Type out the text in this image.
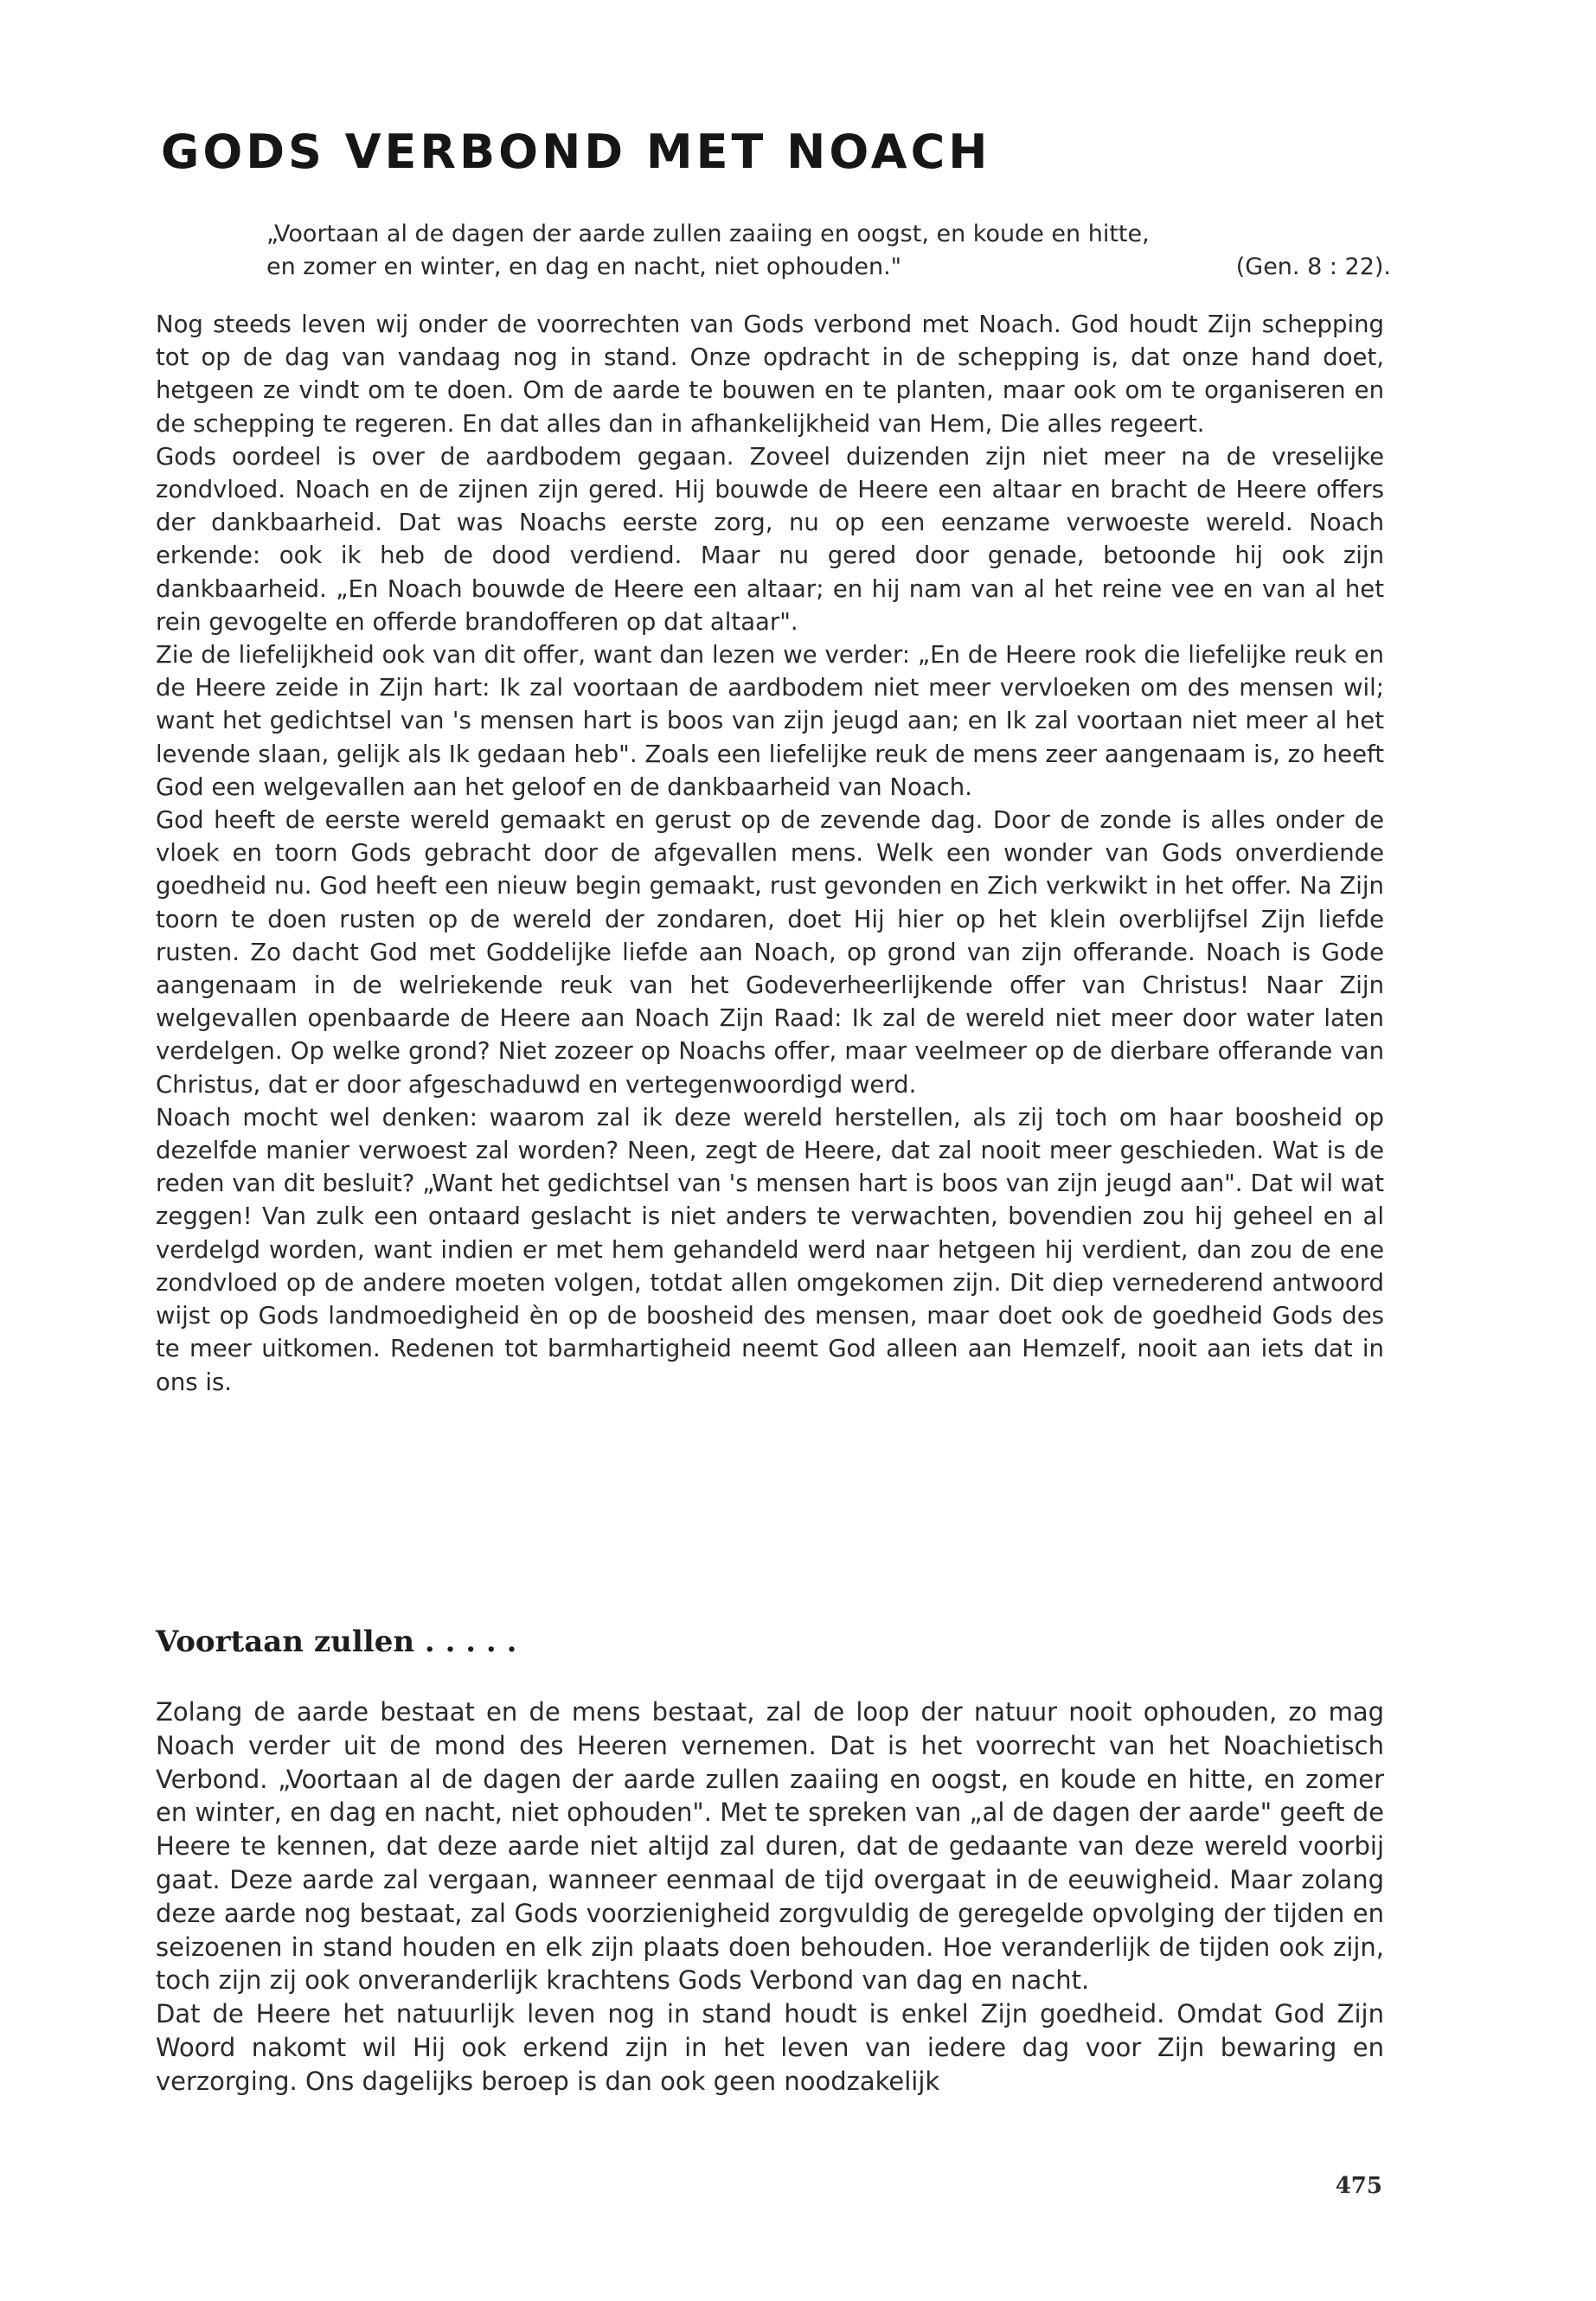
GODS VERBOND MET NOACH
„Voortaan al de dagen der aarde zullen zaaiing en oogst, en koude en hitte,
en zomer en winter, en dag en nacht, niet ophouden."	(Gen. 8 : 22).

Nog steeds leven wij onder de voorrechten van Gods verbond met Noach. God houdt Zijn schepping tot op de dag van vandaag nog in stand. Onze opdracht in de schepping is, dat onze hand doet, hetgeen ze vindt om te doen. Om de aarde te bouwen en te planten, maar ook om te organiseren en de schepping te regeren. En dat alles dan in afhankelijkheid van Hem, Die alles regeert.

Gods oordeel is over de aardbodem gegaan. Zoveel duizenden zijn niet meer na de vreselijke zondvloed. Noach en de zijnen zijn gered. Hij bouwde de Heere een altaar en bracht de Heere offers der dankbaarheid. Dat was Noachs eerste zorg, nu op een eenzame verwoeste wereld. Noach erkende: ook ik heb de dood verdiend. Maar nu gered door genade, betoonde hij ook zijn dankbaarheid. „En Noach bouwde de Heere een altaar; en hij nam van al het reine vee en van al het rein gevogelte en offerde brandofferen op dat altaar".

Zie de liefelijkheid ook van dit offer, want dan lezen we verder: „En de Heere rook die liefelijke reuk en de Heere zeide in Zijn hart: Ik zal voortaan de aardbodem niet meer vervloeken om des mensen wil; want het gedichtsel van 's mensen hart is boos van zijn jeugd aan; en Ik zal voortaan niet meer al het levende slaan, gelijk als Ik gedaan heb". Zoals een liefelijke reuk de mens zeer aangenaam is, zo heeft God een welgevallen aan het geloof en de dankbaarheid van Noach.

God heeft de eerste wereld gemaakt en gerust op de zevende dag. Door de zonde is alles onder de vloek en toorn Gods gebracht door de afgevallen mens. Welk een wonder van Gods onverdiende goedheid nu. God heeft een nieuw begin gemaakt, rust gevonden en Zich verkwikt in het offer. Na Zijn toorn te doen rusten op de wereld der zondaren, doet Hij hier op het klein overblijfsel Zijn liefde rusten. Zo dacht God met Goddelijke liefde aan Noach, op grond van zijn offerande. Noach is Gode aangenaam in de welriekende reuk van het Godeverheerlijkende offer van Christus! Naar Zijn welgevallen openbaarde de Heere aan Noach Zijn Raad: Ik zal de wereld niet meer door water laten verdelgen. Op welke grond? Niet zozeer op Noachs offer, maar veelmeer op de dierbare offerande van Christus, dat er door afgeschaduwd en vertegenwoordigd werd.

Noach mocht wel denken: waarom zal ik deze wereld herstellen, als zij toch om haar boosheid op dezelfde manier verwoest zal worden? Neen, zegt de Heere, dat zal nooit meer geschieden. Wat is de reden van dit besluit? „Want het gedichtsel van 's mensen hart is boos van zijn jeugd aan". Dat wil wat zeggen! Van zulk een ontaard geslacht is niet anders te verwachten, bovendien zou hij geheel en al verdelgd worden, want indien er met hem gehandeld werd naar hetgeen hij verdient, dan zou de ene zondvloed op de andere moeten volgen, totdat allen omgekomen zijn. Dit diep vernederend antwoord wijst op Gods landmoedigheid èn op de boosheid des mensen, maar doet ook de goedheid Gods des te meer uitkomen. Redenen tot barmhartigheid neemt God alleen aan Hemzelf, nooit aan iets dat in ons is.

Voortaan zullen . . . . .

Zolang de aarde bestaat en de mens bestaat, zal de loop der natuur nooit ophouden, zo mag Noach verder uit de mond des Heeren vernemen. Dat is het voorrecht van het Noachietisch Verbond. „Voortaan al de dagen der aarde zullen zaaiing en oogst, en koude en hitte, en zomer en winter, en dag en nacht, niet ophouden". Met te spreken van „al de dagen der aarde" geeft de Heere te kennen, dat deze aarde niet altijd zal duren, dat de gedaante van deze wereld voorbij gaat. Deze aarde zal vergaan, wanneer eenmaal de tijd overgaat in de eeuwigheid. Maar zolang deze aarde nog bestaat, zal Gods voorzienigheid zorgvuldig de geregelde opvolging der tijden en seizoenen in stand houden en elk zijn plaats doen behouden. Hoe veranderlijk de tijden ook zijn, toch zijn zij ook onveranderlijk krachtens Gods Verbond van dag en nacht.

Dat de Heere het natuurlijk leven nog in stand houdt is enkel Zijn goedheid. Omdat God Zijn Woord nakomt wil Hij ook erkend zijn in het leven van iedere dag voor Zijn bewaring en verzorging. Ons dagelijks beroep is dan ook geen noodzakelijk

475
